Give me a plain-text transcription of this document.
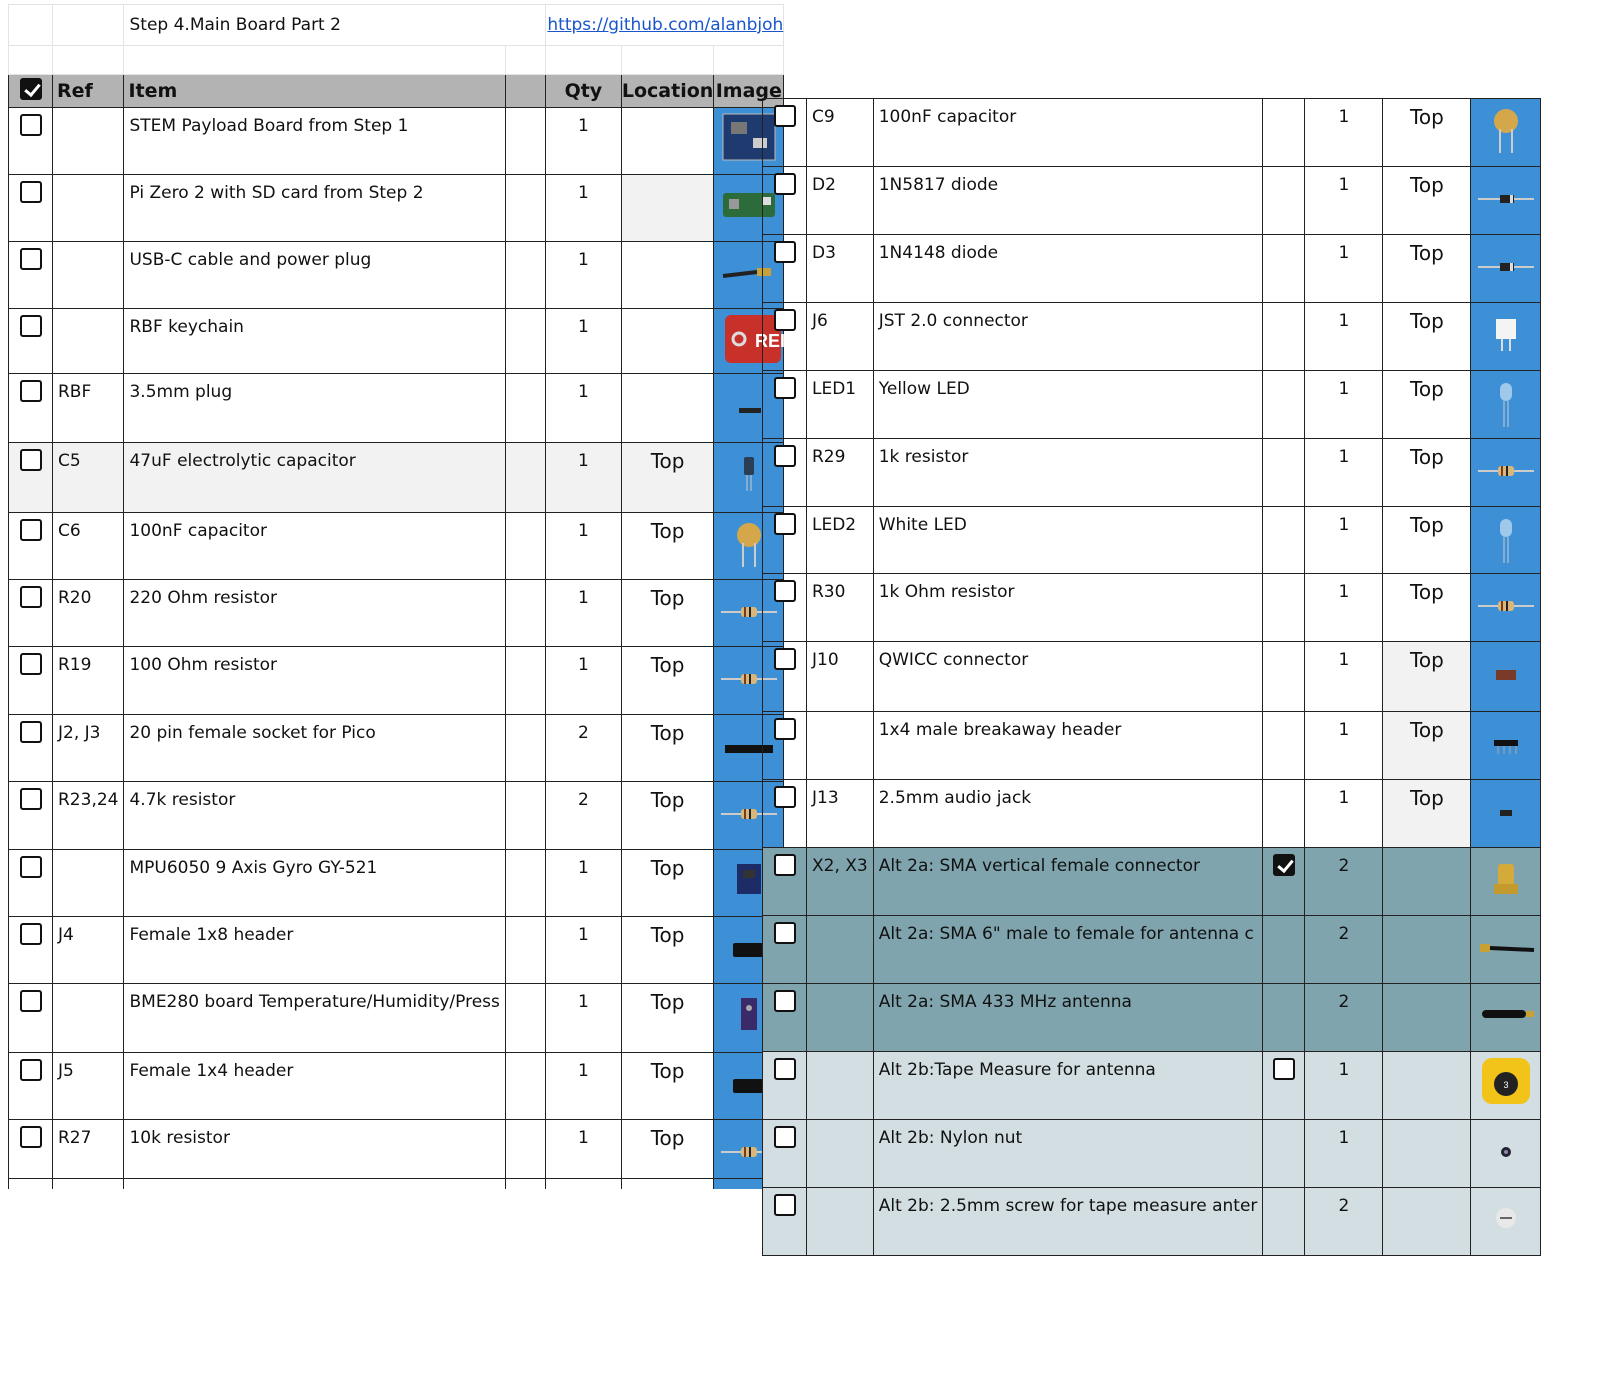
		Step 4.Main Board Part 2		https://github.com/alanbjoh		

	Ref	Item		Qty	Location	Image

		STEM Payload Board from Step 1		1

		Pi Zero 2 with SD card from Step 2		1

		USB-C cable and power plug		1

		RBF keychain		1		REI

	RBF	3.5mm plug		1

	C5	47uF electrolytic capacitor		1	Top

	C6	100nF capacitor		1	Top

	R20	220 Ohm resistor		1	Top

	R19	100 Ohm resistor		1	Top

	J2, J3	20 pin female socket for Pico		2	Top

	R23,24	4.7k resistor		2	Top

		MPU6050 9 Axis Gyro GY-521		1	Top

	J4	Female 1x8 header		1	Top

		BME280 board Temperature/Humidity/Press		1	Top

	J5	Female 1x4 header		1	Top

	R27	10k resistor		1	Top

	C9	100nF capacitor		1	Top

	D2	1N5817 diode		1	Top

	D3	1N4148 diode		1	Top

	J6	JST 2.0 connector		1	Top

	LED1	Yellow LED		1	Top

	R29	1k resistor		1	Top

	LED2	White LED		1	Top

	R30	1k Ohm resistor		1	Top

	J10	QWICC connector		1	Top

		1x4 male breakaway header		1	Top

	J13	2.5mm audio jack		1	Top

	X2, X3	Alt 2a: SMA vertical female connector		2

		Alt 2a: SMA 6" male to female for antenna c		2

		Alt 2a: SMA 433 MHz antenna		2

		Alt 2b:Tape Measure for antenna		1		3

		Alt 2b: Nylon nut		1

		Alt 2b: 2.5mm screw for tape measure anter		2
